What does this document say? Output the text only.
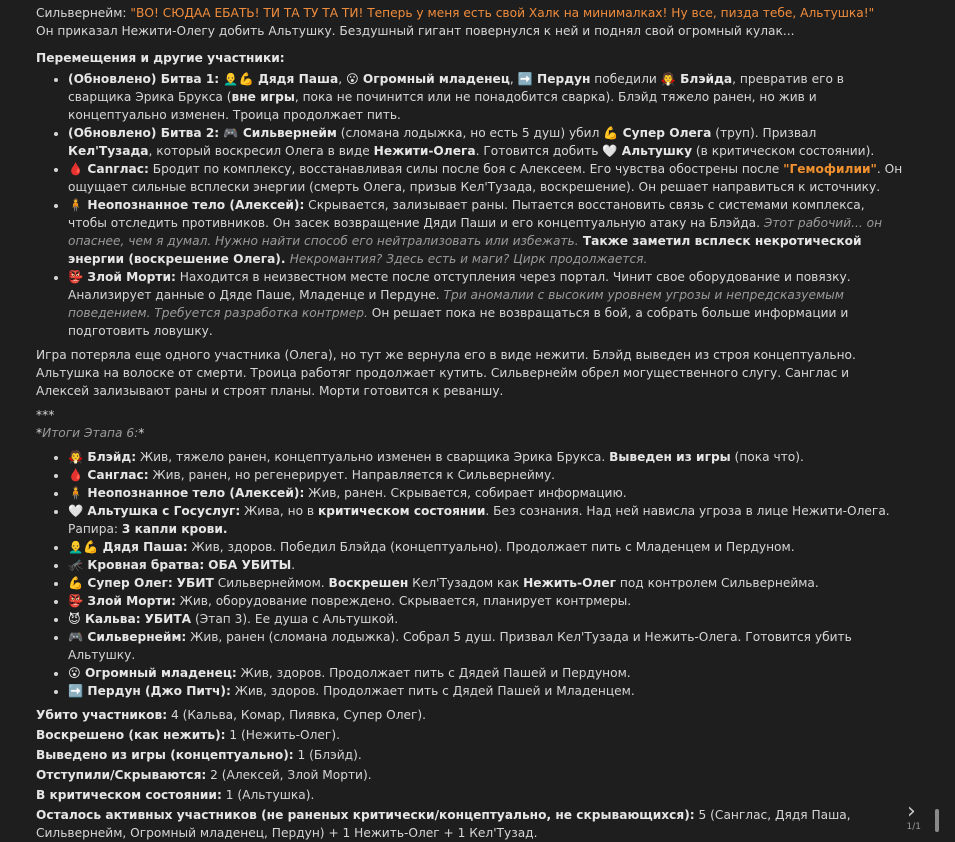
Сильвернейм: "ВО! СЮДАА ЕБАТЬ! ТИ ТА ТУ ТА ТИ! Теперь у меня есть свой Халк на минималках! Ну все, пизда тебе, Альтушка!"

Он приказал Нежити-Олегу добить Альтушку. Бездушный гигант повернулся к ней и поднял свой огромный кулак...

Перемещения и другие участники:

• (Обновлено) Битва 1: 👨‍🦲💪 Дядя Паша, 😮 Огромный младенец, ➡️ Пердун победили 🧛 Блэйда, превратив его в сварщика Эрика Брукса (вне игры, пока не починится или не понадобится сварка). Блэйд тяжело ранен, но жив и концептуально изменен. Троица продолжает пить.
• (Обновлено) Битва 2: 🎮 Сильвернейм (сломана лодыжка, но есть 5 душ) убил 💪 Супер Олега (труп). Призвал Кел'Тузада, который воскресил Олега в виде Нежити-Олега. Готовится добить 🤍 Альтушку (в критическом состоянии).
• 🩸 Сanглас: Бродит по комплексу, восстанавливая силы после боя с Алексеем. Его чувства обострены после "Гемофилии". Он ощущает сильные всплески энергии (смерть Олега, призыв Кел'Тузада, воскрешение). Он решает направиться к источнику.
• 🧍 Неопознанное тело (Алексей): Скрывается, зализывает раны. Пытается восстановить связь с системами комплекса, чтобы отследить противников. Он засек возвращение Дяди Паши и его концептуальную атаку на Блэйда. Этот рабочий... он опаснее, чем я думал. Нужно найти способ его нейтрализовать или избежать. Также заметил всплеск некротической энергии (воскрешение Олега). Некромантия? Здесь есть и маги? Цирк продолжается.
• 👺 Злой Морти: Находится в неизвестном месте после отступления через портал. Чинит свое оборудование и повязку. Анализирует данные о Дяде Паше, Младенце и Пердуне. Три аномалии с высоким уровнем угрозы и непредсказуемым поведением. Требуется разработка контрмер. Он решает пока не возвращаться в бой, а собрать больше информации и подготовить ловушку.

Игра потеряла еще одного участника (Олега), но тут же вернула его в виде нежити. Блэйд выведен из строя концептуально. Альтушка на волоске от смерти. Троица работяг продолжает кутить. Сильвернейм обрел могущественного слугу. Санглас и Алексей зализывают раны и строят планы. Морти готовится к реваншу.

***

*Итоги Этапа 6:*

• 🧛 Блэйд: Жив, тяжело ранен, концептуально изменен в сварщика Эрика Брукса. Выведен из игры (пока что).
• 🩸 Санглас: Жив, ранен, но регенерирует. Направляется к Сильвернейму.
• 🧍 Неопознанное тело (Алексей): Жив, ранен. Скрывается, собирает информацию.
• 🤍 Альтушка с Госуслуг: Жива, но в критическом состоянии. Без сознания. Над ней нависла угроза в лице Нежити-Олега. Рапира: 3 капли крови.
• 👨‍🦲💪 Дядя Паша: Жив, здоров. Победил Блэйда (концептуально). Продолжает пить с Младенцем и Пердуном.
• 🦟 Кровная братва: ОБА УБИТЫ.
• 💪 Супер Олег: УБИТ Сильвернеймом. Воскрешен Кел'Тузадом как Нежить-Олег под контролем Сильвернейма.
• 👺 Злой Морти: Жив, оборудование повреждено. Скрывается, планирует контрмеры.
• 😈 Кальва: УБИТА (Этап 3). Ее душа с Альтушкой.
• 🎮 Сильвернейм: Жив, ранен (сломана лодыжка). Собрал 5 душ. Призвал Кел'Тузада и Нежить-Олега. Готовится убить Альтушку.
• 😮 Огромный младенец: Жив, здоров. Продолжает пить с Дядей Пашей и Пердуном.
• ➡️ Пердун (Джо Питч): Жив, здоров. Продолжает пить с Дядей Пашей и Младенцем.

Убито участников: 4 (Кальва, Комар, Пиявка, Супер Олег).

Воскрешено (как нежить): 1 (Нежить-Олег).

Выведено из игры (концептуально): 1 (Блэйд).

Отступили/Скрываются: 2 (Алексей, Злой Морти).

В критическом состоянии: 1 (Альтушка).

Осталось активных участников (не раненых критически/концептуально, не скрывающихся): 5 (Санглас, Дядя Паша, Сильвернейм, Огромный младенец, Пердун) + 1 Нежить-Олег + 1 Кел'Тузад.

›
1/1
